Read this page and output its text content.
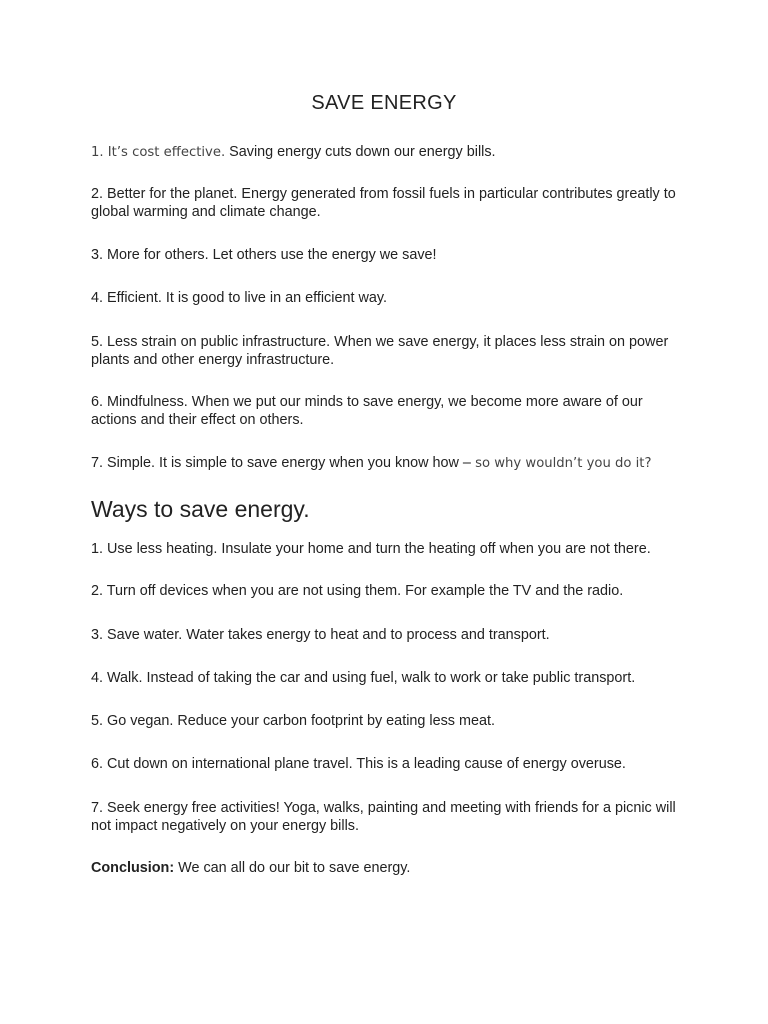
SAVE ENERGY

1. It’s cost effective. Saving energy cuts down our energy bills.

2. Better for the planet. Energy generated from fossil fuels in particular contributes greatly to global warming and climate change.

3. More for others. Let others use the energy we save!

4. Efficient. It is good to live in an efficient way.

5. Less strain on public infrastructure. When we save energy, it places less strain on power plants and other energy infrastructure.

6. Mindfulness. When we put our minds to save energy, we become more aware of our actions and their effect on others.

7. Simple. It is simple to save energy when you know how – so why wouldn’t you do it?

Ways to save energy.

1. Use less heating. Insulate your home and turn the heating off when you are not there.

2. Turn off devices when you are not using them. For example the TV and the radio.

3. Save water. Water takes energy to heat and to process and transport.

4. Walk. Instead of taking the car and using fuel, walk to work or take public transport.

5. Go vegan. Reduce your carbon footprint by eating less meat.

6. Cut down on international plane travel. This is a leading cause of energy overuse.

7. Seek energy free activities! Yoga, walks, painting and meeting with friends for a picnic will not impact negatively on your energy bills.

Conclusion: We can all do our bit to save energy.
